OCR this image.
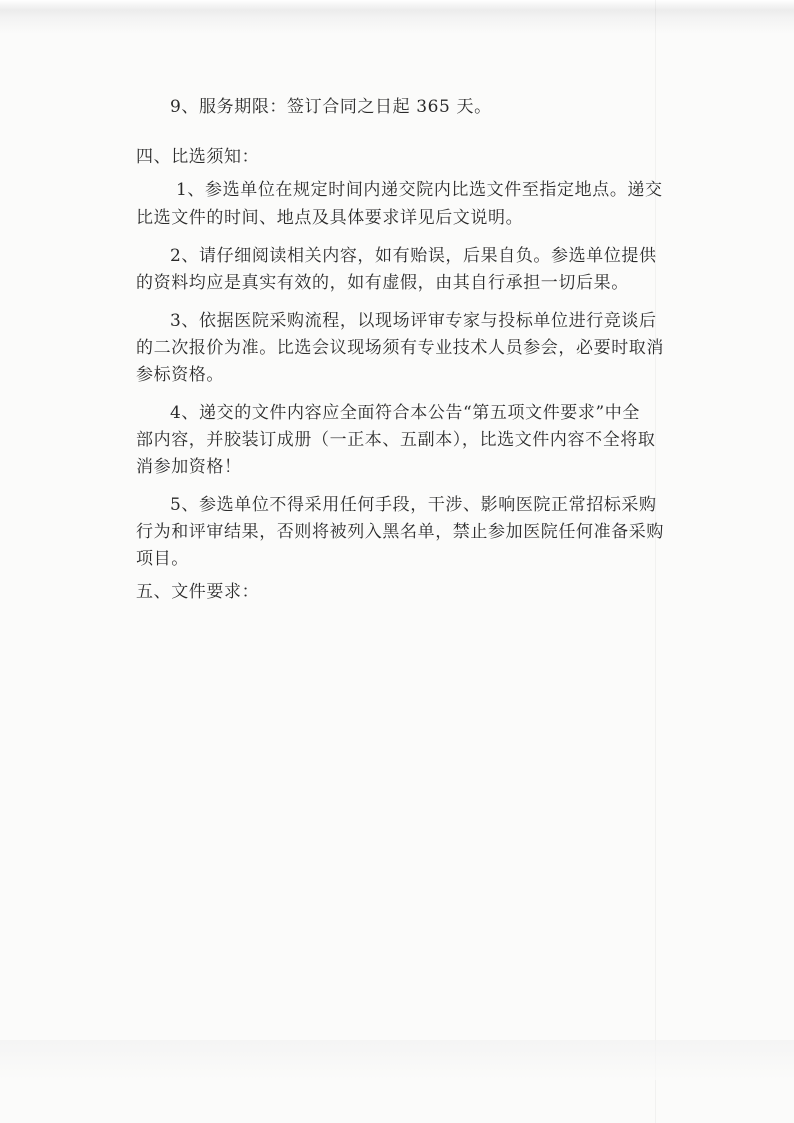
9、服务期限：签订合同之日起 365 天。
四、比选须知：
1、参选单位在规定时间内递交院内比选文件至指定地点。递交
比选文件的时间、地点及具体要求详见后文说明。
2、请仔细阅读相关内容，如有贻误，后果自负。参选单位提供
的资料均应是真实有效的，如有虚假，由其自行承担一切后果。
3、依据医院采购流程，以现场评审专家与投标单位进行竞谈后
的二次报价为准。比选会议现场须有专业技术人员参会，必要时取消
参标资格。
4、递交的文件内容应全面符合本公告“第五项文件要求”中全
部内容，并胶装订成册（一正本、五副本），比选文件内容不全将取
消参加资格！
5、参选单位不得采用任何手段，干涉、影响医院正常招标采购
行为和评审结果，否则将被列入黑名单，禁止参加医院任何准备采购
项目。
五、文件要求：
